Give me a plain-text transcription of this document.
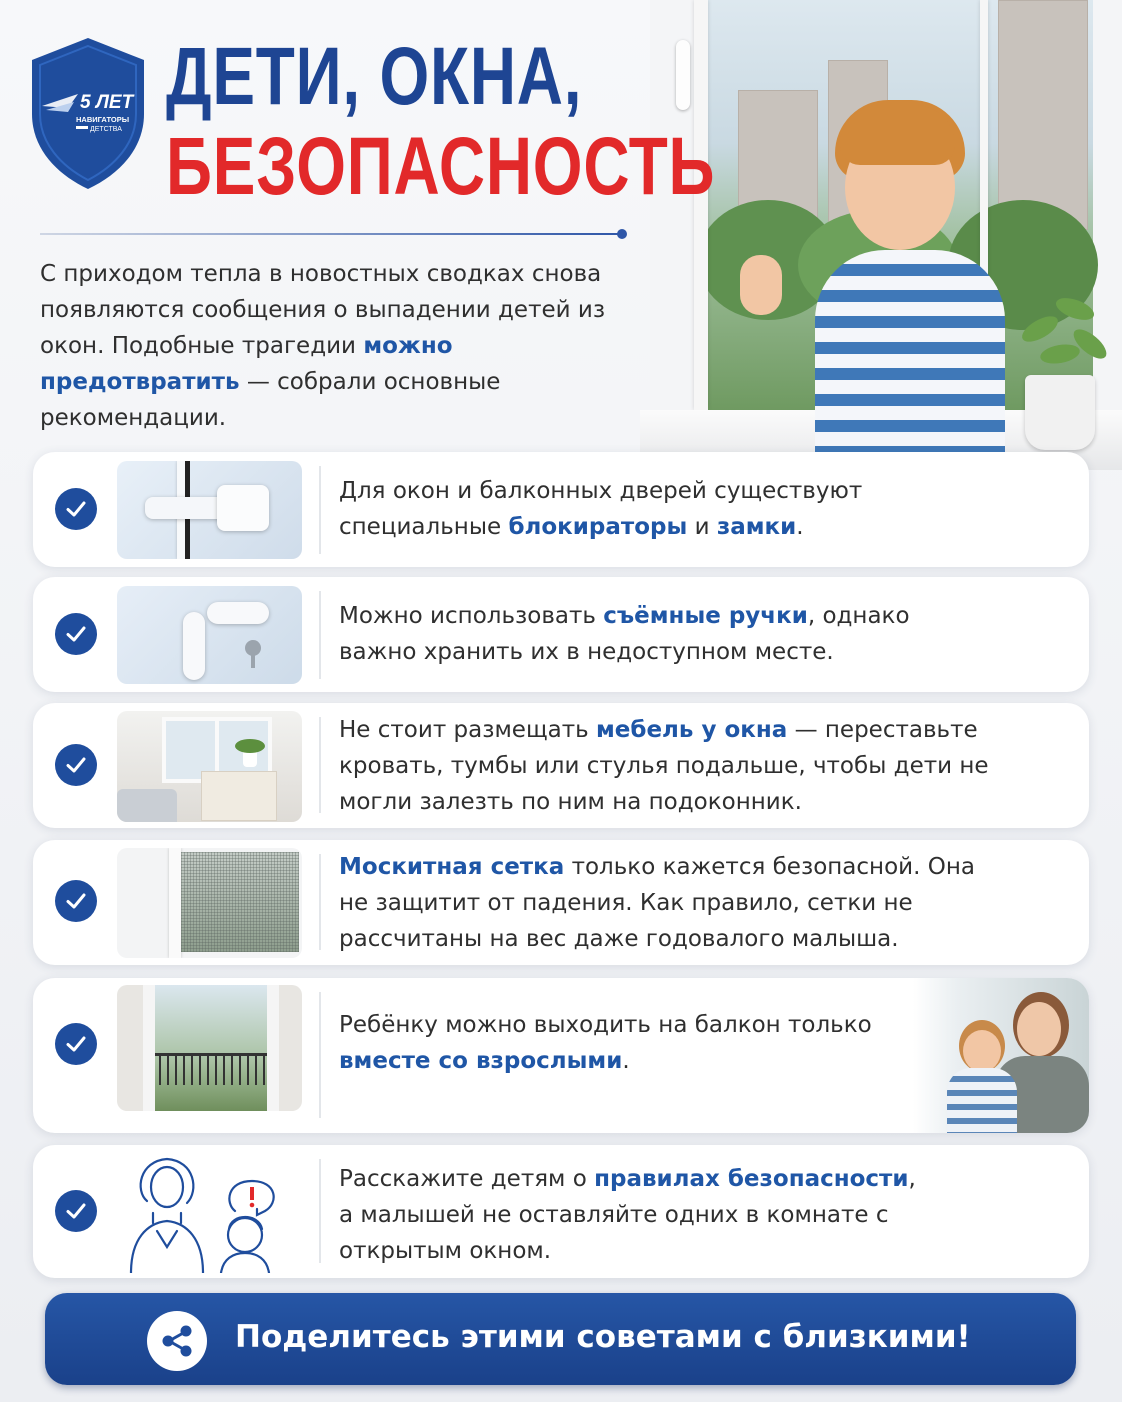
5 ЛЕТ
НАВИГАТОРЫ
ДЕТСТВА
ДЕТИ, ОКНА,
БЕЗОПАСНОСТЬ

С приходом тепла в новостных сводках снова появляются сообщения о выпадении детей из окон. Подобные трагедии можно предотвратить — собрали основные рекомендации.

Для окон и балконных дверей существуют специальные блокираторы и замки.

Можно использовать съёмные ручки, однако важно хранить их в недоступном месте.

Не стоит размещать мебель у окна — переставьте кровать, тумбы или стулья подальше, чтобы дети не могли залезть по ним на подоконник.

Москитная сетка только кажется безопасной. Она не защитит от падения. Как правило, сетки не рассчитаны на вес даже годовалого малыша.

Ребёнку можно выходить на балкон только вместе со взрослыми.

Расскажите детям о правилах безопасности, а малышей не оставляйте одних в комнате с открытым окном.

Поделитесь этими советами с близкими!
